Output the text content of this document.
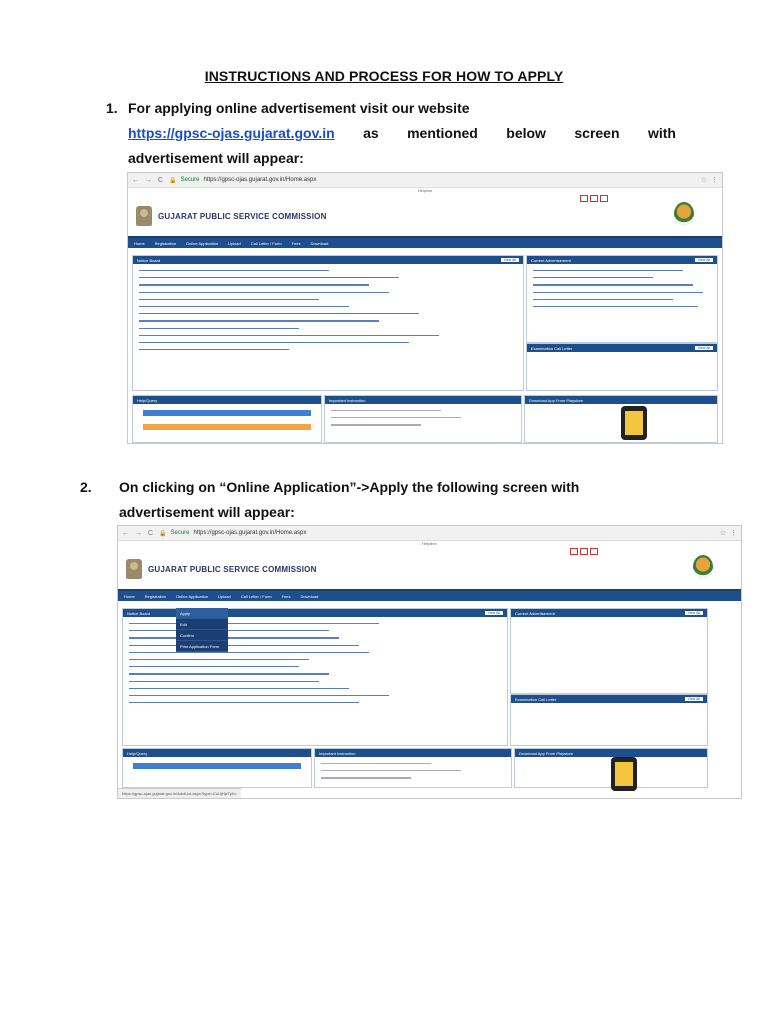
INSTRUCTIONS AND PROCESS FOR HOW TO APPLY
1. For applying online advertisement visit our website
https://gpsc-ojas.gujarat.gov.in as mentioned below screen with
advertisement will appear:
← → C 🔒 Secure https://gpsc-ojas.gujarat.gov.in/Home.aspx	☆ ⋮
Helpline
GUJARAT PUBLIC SERVICE COMMISSION
Home	Registration	Online Application	Upload	Call Letter / Form	Fees	Download
Notice Board	View All	Current Advertisement	View All
Examination Call Letter	View All
Help/Query	Important Instruction	Download App From Playstore
2. On clicking on “Online Application”->Apply the following screen with
advertisement will appear:
← → C 🔒 Secure https://gpsc-ojas.gujarat.gov.in/Home.aspx	☆ ⋮
Helpline
GUJARAT PUBLIC SERVICE COMMISSION
Home	Registration	Online Application	Upload	Call Letter / Form	Fees	Download
Notice Board	View All
Apply
Edit
Confirm
Print Application Form
Current Advertisement	View All
Examination Call Letter	View All
Help/Query	Important Instruction	Download App From Playstore
https://gpsc-ojas.gujarat.gov.in/AdvtList.aspx?type=CuUjHjxTpb=
